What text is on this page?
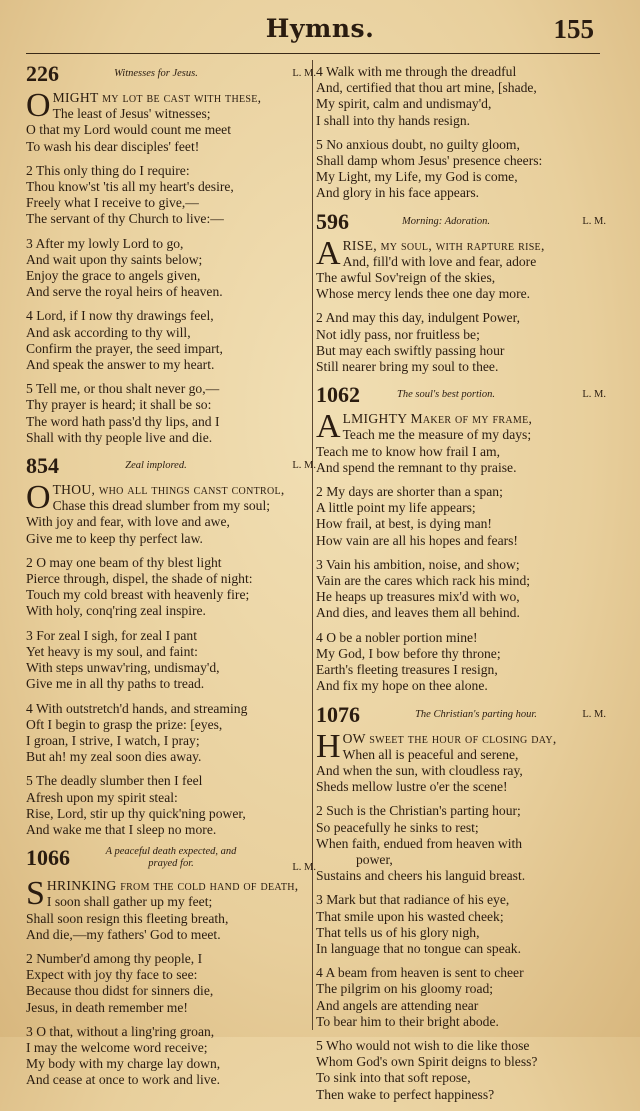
Hymns.	155
226	Witnesses for Jesus.	L. M.
O MIGHT my lot be cast with these,
The least of Jesus' witnesses;
O that my Lord would count me meet
To wash his dear disciples' feet!
2 This only thing do I require:
Thou know'st 'tis all my heart's desire,
Freely what I receive to give,—
The servant of thy Church to live:—
3 After my lowly Lord to go,
And wait upon thy saints below;
Enjoy the grace to angels given,
And serve the royal heirs of heaven.
4 Lord, if I now thy drawings feel,
And ask according to thy will,
Confirm the prayer, the seed impart,
And speak the answer to my heart.
5 Tell me, or thou shalt never go,—
Thy prayer is heard; it shall be so:
The word hath pass'd thy lips, and I
Shall with thy people live and die.
854	Zeal implored.	L. M.
O THOU, who all things canst control,
Chase this dread slumber from my soul;
With joy and fear, with love and awe,
Give me to keep thy perfect law.
2 O may one beam of thy blest light
Pierce through, dispel, the shade of night:
Touch my cold breast with heavenly fire;
With holy, conq'ring zeal inspire.
3 For zeal I sigh, for zeal I pant
Yet heavy is my soul, and faint:
With steps unwav'ring, undismay'd,
Give me in all thy paths to tread.
4 With outstretch'd hands, and streaming
Oft I begin to grasp the prize: [eyes,
I groan, I strive, I watch, I pray;
But ah! my zeal soon dies away.
5 The deadly slumber then I feel
Afresh upon my spirit steal:
Rise, Lord, stir up thy quick'ning power,
And wake me that I sleep no more.
1066	A peaceful death expected, and
prayed for.	L. M.
S HRINKING from the cold hand of death,
I soon shall gather up my feet;
Shall soon resign this fleeting breath,
And die,—my fathers' God to meet.
2 Number'd among thy people, I
Expect with joy thy face to see:
Because thou didst for sinners die,
Jesus, in death remember me!
3 O that, without a ling'ring groan,
I may the welcome word receive;
My body with my charge lay down,
And cease at once to work and live.
4 Walk with me through the dreadful
And, certified that thou art mine, [shade,
My spirit, calm and undismay'd,
I shall into thy hands resign.
5 No anxious doubt, no guilty gloom,
Shall damp whom Jesus' presence cheers:
My Light, my Life, my God is come,
And glory in his face appears.
596	Morning: Adoration.	L. M.
A RISE, my soul, with rapture rise,
And, fill'd with love and fear, adore
The awful Sov'reign of the skies,
Whose mercy lends thee one day more.
2 And may this day, indulgent Power,
Not idly pass, nor fruitless be;
But may each swiftly passing hour
Still nearer bring my soul to thee.
1062	The soul's best portion.	L. M.
A LMIGHTY Maker of my frame,
Teach me the measure of my days;
Teach me to know how frail I am,
And spend the remnant to thy praise.
2 My days are shorter than a span;
A little point my life appears;
How frail, at best, is dying man!
How vain are all his hopes and fears!
3 Vain his ambition, noise, and show;
Vain are the cares which rack his mind;
He heaps up treasures mix'd with wo,
And dies, and leaves them all behind.
4 O be a nobler portion mine!
My God, I bow before thy throne;
Earth's fleeting treasures I resign,
And fix my hope on thee alone.
1076	The Christian's parting hour.	L. M.
H OW sweet the hour of closing day,
When all is peaceful and serene,
And when the sun, with cloudless ray,
Sheds mellow lustre o'er the scene!
2 Such is the Christian's parting hour;
So peacefully he sinks to rest;
When faith, endued from heaven with
power,
Sustains and cheers his languid breast.
3 Mark but that radiance of his eye,
That smile upon his wasted cheek;
That tells us of his glory nigh,
In language that no tongue can speak.
4 A beam from heaven is sent to cheer
The pilgrim on his gloomy road;
And angels are attending near
To bear him to their bright abode.
5 Who would not wish to die like those
Whom God's own Spirit deigns to bless?
To sink into that soft repose,
Then wake to perfect happiness?
